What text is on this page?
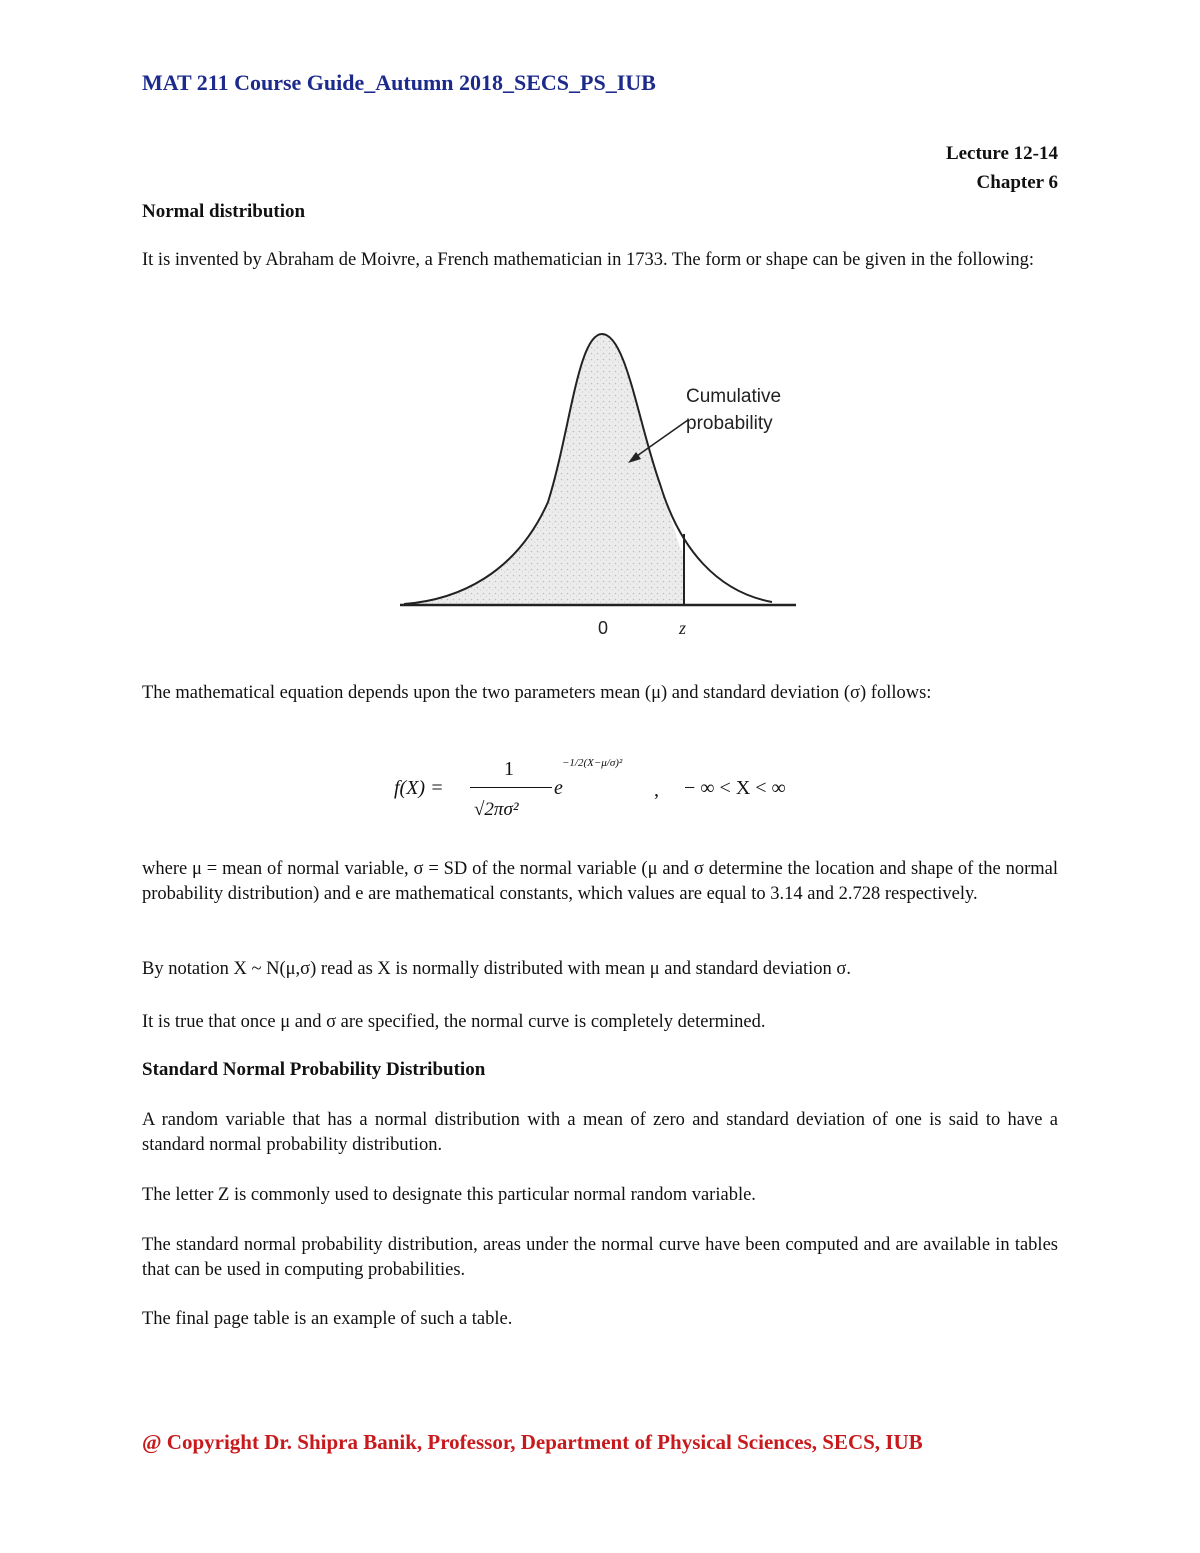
MAT 211 Course Guide_Autumn 2018_SECS_PS_IUB
Lecture 12-14
Chapter 6
Normal distribution
It is invented by Abraham de Moivre, a French mathematician in 1733. The form or shape can be given in the following:
Cumulative
probability
0	z
The mathematical equation depends upon the two parameters mean (μ) and standard deviation (σ) follows:
f(X) =
1
√2πσ²
e
−1/2(X−μ/σ)²
, − ∞ < X < ∞
where μ = mean of normal variable, σ = SD of the normal variable (μ and σ determine the location and shape of the normal probability distribution) and e are mathematical constants, which values are equal to 3.14 and 2.728 respectively.
By notation X ~ N(μ,σ) read as X is normally distributed with mean μ and standard deviation σ.
It is true that once μ and σ are specified, the normal curve is completely determined.
Standard Normal Probability Distribution
A random variable that has a normal distribution with a mean of zero and standard deviation of one is said to have a standard normal probability distribution.
The letter Z is commonly used to designate this particular normal random variable.
The standard normal probability distribution, areas under the normal curve have been computed and are available in tables that can be used in computing probabilities.
The final page table is an example of such a table.
@ Copyright Dr. Shipra Banik, Professor, Department of Physical Sciences, SECS, IUB
